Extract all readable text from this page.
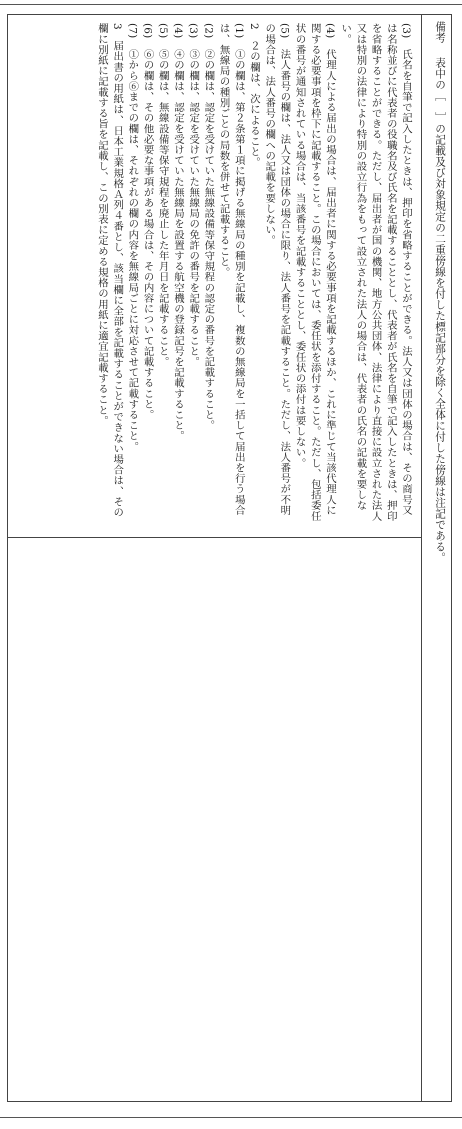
備考表中の［　］の記載及び対象規定の二重傍線を付した標記部分を除く全体に付した傍線は注記である。

(3)　氏名を自筆で記入したときは、押印を省略することができる。法人又は団体の場合は、その商号又は名称並びに代表者の役職名及び氏名を記載することとし、代表者が氏名を自筆で記入したときは、押印を省略することができる。ただし、届出者が国の機関、地方公共団体、法律により直接に設立された法人又は特別の法律により特別の設立行為をもって設立された法人の場合は、代表者の氏名の記載を要しない。

(4)　代理人による届出の場合は、届出者に関する必要事項を記載するほか、これに準じて当該代理人に関する必要事項を枠下に記載すること。この場合においては、委任状を添付すること。ただし、包括委任状の番号が通知されている場合は、当該番号を記載することとし、委任状の添付は要しない。

(5)　法人番号の欄は、法人又は団体の場合に限り、法人番号を記載すること。ただし、法人番号が不明の場合は、法人番号の欄への記載を要しない。

2　２の欄は、次によること。

(1)　①の欄は、第２条第１項に掲げる無線局の種別を記載し、複数の無線局を一括して届出を行う場合は、無線局の種別ごとの局数を併せて記載すること。

(2)　②の欄は、認定を受けていた無線設備等保守規程の認定の番号を記載すること。

(3)　③の欄は、認定を受けていた無線局の免許の番号を記載すること。

(4)　④の欄は、認定を受けていた無線局を設置する航空機の登録記号を記載すること。

(5)　⑤の欄は、無線設備等保守規程を廃止した年月日を記載すること。

(6)　⑥の欄は、その他必要な事項がある場合は、その内容について記載すること。

(7)　①から⑥までの欄は、それぞれの欄の内容を無線局ごとに対応させて記載すること。

3　届出書の用紙は、日本工業規格Ａ列４番とし、該当欄に全部を記載することができない場合は、その欄に別紙に記載する旨を記載し、この別表に定める規格の用紙に適宜記載すること。
